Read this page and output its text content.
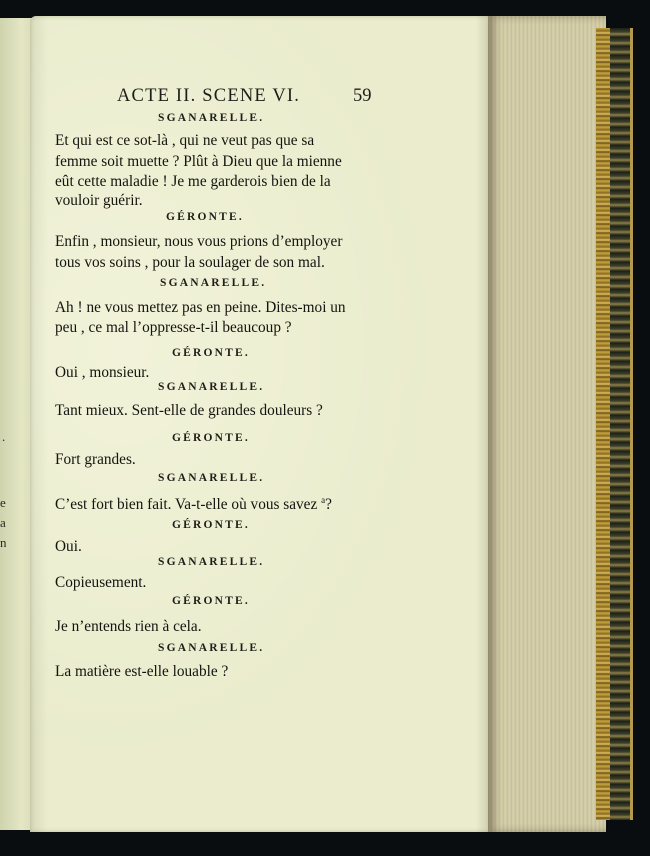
.
e
a
n
ACTE II. SCENE VI.	59
SGANARELLE.
GÉRONTE.
SGANARELLE.
GÉRONTE.
SGANARELLE.
GÉRONTE.
SGANARELLE.
GÉRONTE.
SGANARELLE.
GÉRONTE.
SGANARELLE.
Et qui est ce sot-là , qui ne veut pas que sa
femme soit muette ? Plût à Dieu que la mienne
eût cette maladie ! Je me garderois bien de la
vouloir guérir.
Enfin , monsieur, nous vous prions d’employer
tous vos soins , pour la soulager de son mal.
Ah ! ne vous mettez pas en peine. Dites-moi un
peu , ce mal l’oppresse-t-il beaucoup ?
Oui , monsieur.
Tant mieux. Sent-elle de grandes douleurs ?
Fort grandes.
C’est fort bien fait. Va-t-elle où vous savez $^a$?
Oui.
Copieusement.
Je n’entends rien à cela.
La matière est-elle louable ?
